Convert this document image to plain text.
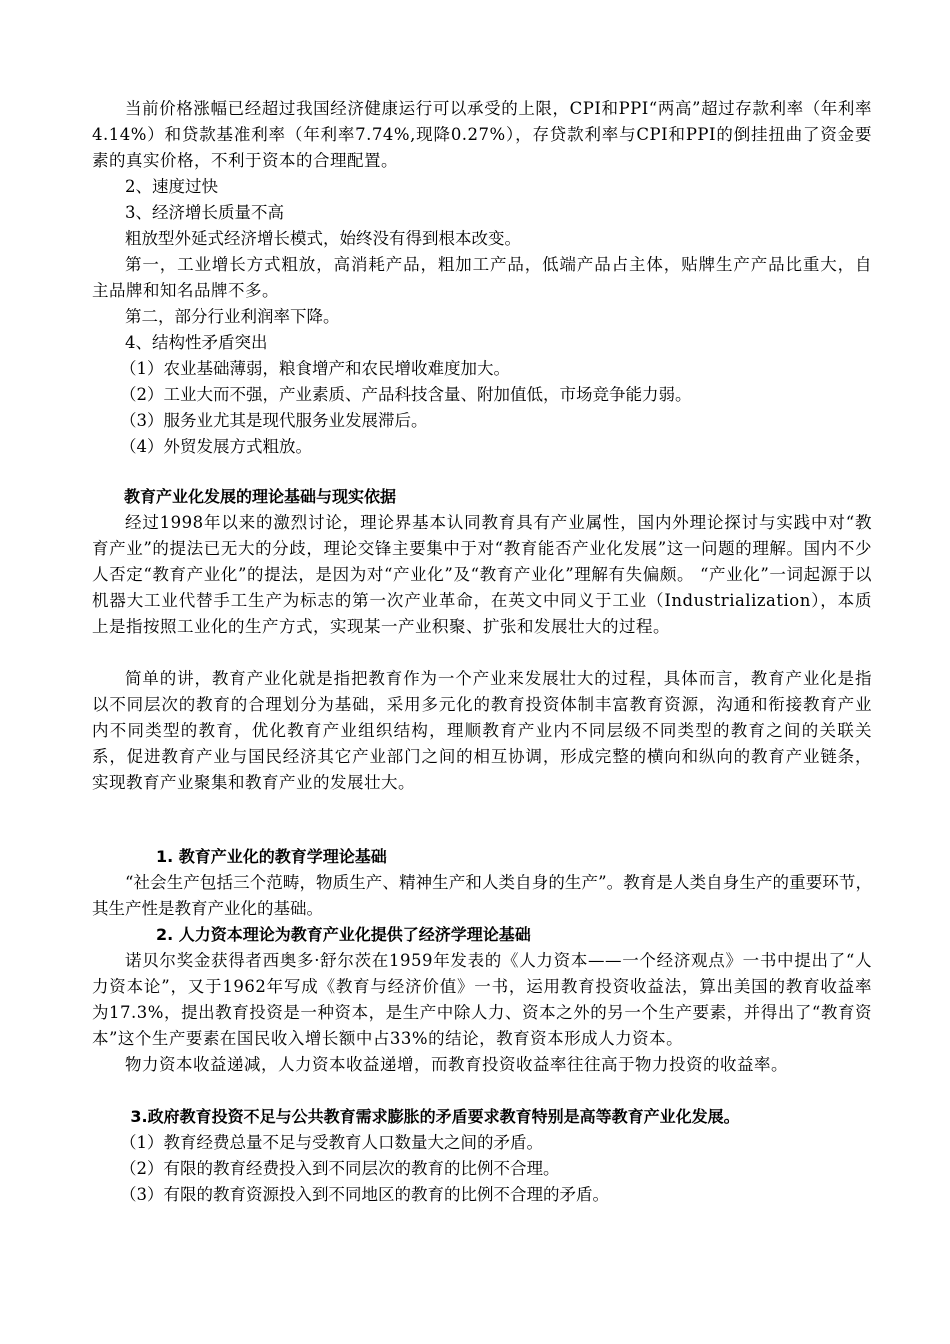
当前价格涨幅已经超过我国经济健康运行可以承受的上限，CPI和PPI“两高”超过存款利率（年利率4.14%）和贷款基准利率（年利率7.74%,现降0.27%），存贷款利率与CPI和PPI的倒挂扭曲了资金要素的真实价格，不利于资本的合理配置。

2、速度过快

3、经济增长质量不高

粗放型外延式经济增长模式，始终没有得到根本改变。

第一，工业增长方式粗放，高消耗产品，粗加工产品，低端产品占主体，贴牌生产产品比重大，自主品牌和知名品牌不多。

第二，部分行业利润率下降。

4、结构性矛盾突出

（1）农业基础薄弱，粮食增产和农民增收难度加大。

（2）工业大而不强，产业素质、产品科技含量、附加值低，市场竞争能力弱。

（3）服务业尤其是现代服务业发展滞后。

（4）外贸发展方式粗放。

教育产业化发展的理论基础与现实依据

经过1998年以来的激烈讨论，理论界基本认同教育具有产业属性，国内外理论探讨与实践中对“教育产业”的提法已无大的分歧，理论交锋主要集中于对“教育能否产业化发展”这一问题的理解。国内不少人否定“教育产业化”的提法，是因为对“产业化”及“教育产业化”理解有失偏颇。 “产业化”一词起源于以机器大工业代替手工生产为标志的第一次产业革命，在英文中同义于工业（Industrialization），本质上是指按照工业化的生产方式，实现某一产业积聚、扩张和发展壮大的过程。

简单的讲，教育产业化就是指把教育作为一个产业来发展壮大的过程，具体而言，教育产业化是指以不同层次的教育的合理划分为基础，采用多元化的教育投资体制丰富教育资源，沟通和衔接教育产业内不同类型的教育，优化教育产业组织结构，理顺教育产业内不同层级不同类型的教育之间的关联关系，促进教育产业与国民经济其它产业部门之间的相互协调，形成完整的横向和纵向的教育产业链条，实现教育产业聚集和教育产业的发展壮大。

1. 教育产业化的教育学理论基础

“社会生产包括三个范畴，物质生产、精神生产和人类自身的生产”。教育是人类自身生产的重要环节，其生产性是教育产业化的基础。

2. 人力资本理论为教育产业化提供了经济学理论基础

诺贝尔奖金获得者西奥多·舒尔茨在1959年发表的《人力资本——一个经济观点》一书中提出了“人力资本论”，又于1962年写成《教育与经济价值》一书，运用教育投资收益法，算出美国的教育收益率为17.3%，提出教育投资是一种资本，是生产中除人力、资本之外的另一个生产要素，并得出了“教育资本”这个生产要素在国民收入增长额中占33%的结论，教育资本形成人力资本。

物力资本收益递减，人力资本收益递增，而教育投资收益率往往高于物力投资的收益率。

3.政府教育投资不足与公共教育需求膨胀的矛盾要求教育特别是高等教育产业化发展。

（1）教育经费总量不足与受教育人口数量大之间的矛盾。

（2）有限的教育经费投入到不同层次的教育的比例不合理。

（3）有限的教育资源投入到不同地区的教育的比例不合理的矛盾。
